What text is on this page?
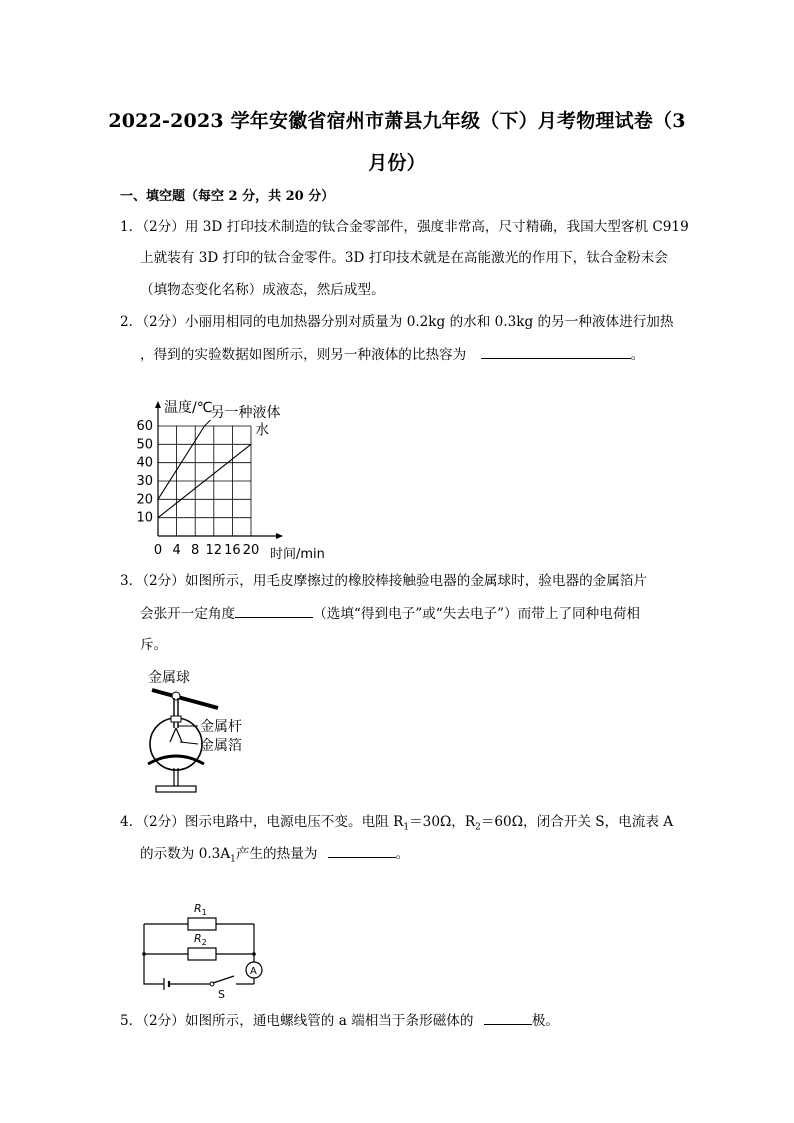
2022-2023 学年安徽省宿州市萧县九年级（下）月考物理试卷（3
月份）
一、填空题（每空 2 分，共 20 分）
1．（2分）用 3D 打印技术制造的钛合金零部件，强度非常高，尺寸精确，我国大型客机 C919
上就装有 3D 打印的钛合金零件。3D 打印技术就是在高能激光的作用下，钛合金粉末会
（填物态变化名称）成液态，然后成型。
2．（2分）小丽用相同的电加热器分别对质量为 0.2kg 的水和 0.3kg 的另一种液体进行加热
，得到的实验数据如图所示，则另一种液体的比热容为	。
10
20
30
40
50
60
0 4 8 12 16 20
温度/℃
时间/min
另一种液体
水
3．（2分）如图所示，用毛皮摩擦过的橡胶棒接触验电器的金属球时，验电器的金属箔片
会张开一定角度	（选填“得到电子”或“失去电子”）而带上了同种电荷相
斥。
金属球
金属杆
金属箔
4．（2分）图示电路中，电源电压不变。电阻 $R_1=30\Omega$，$R_2=60\Omega$，闭合开关 S，电流表 A
的示数为 $0.3A_1$产生的热量为	。
$R_1$
$R_2$
A
S
5．（2分）如图所示，通电螺线管的 a 端相当于条形磁体的	极。
